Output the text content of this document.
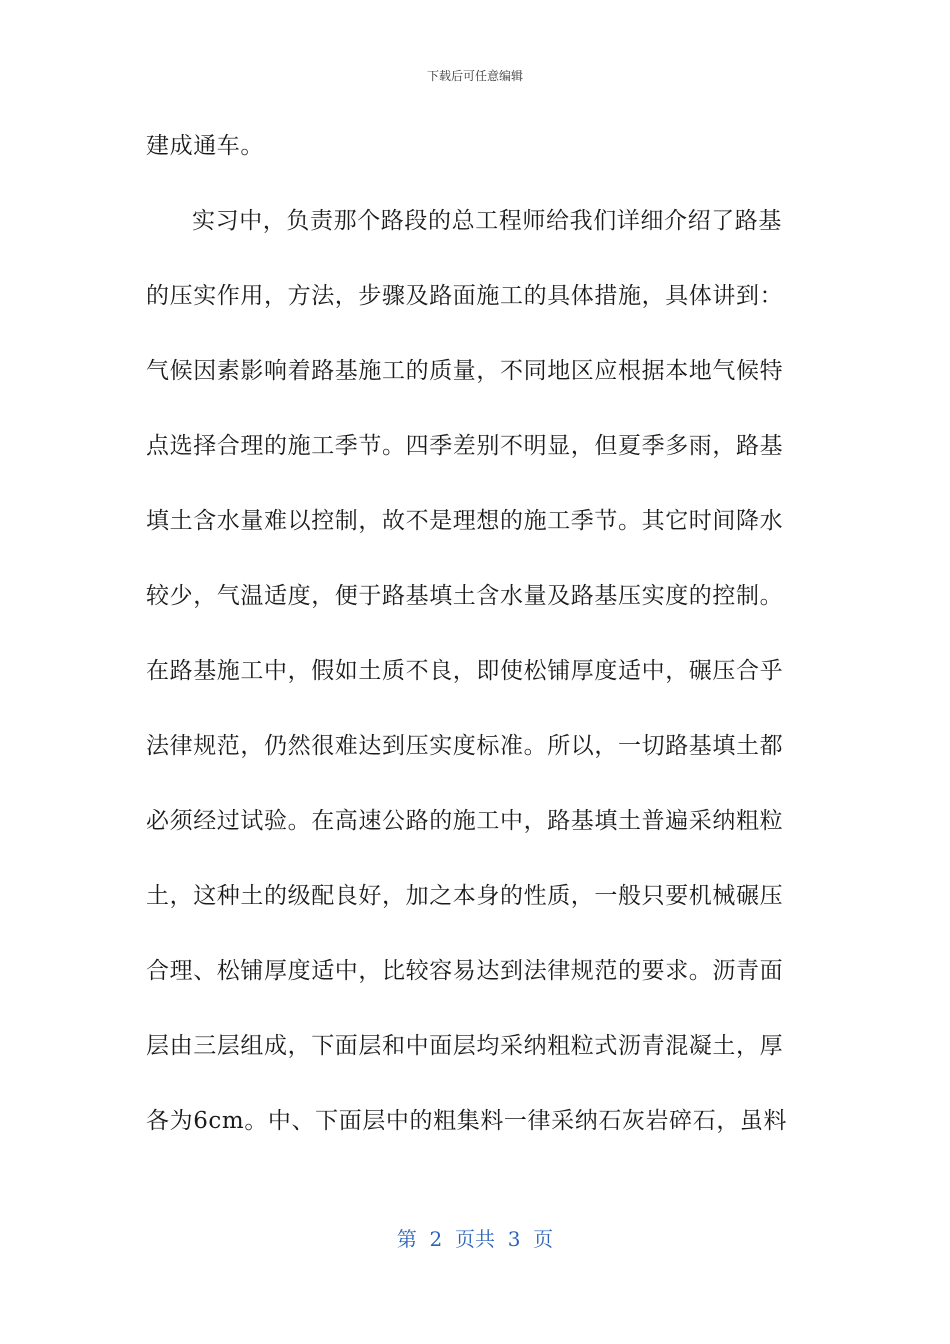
下载后可任意编辑
建成通车。
实习中，负责那个路段的总工程师给我们详细介绍了路基
的压实作用，方法，步骤及路面施工的具体措施，具体讲到：
气候因素影响着路基施工的质量，不同地区应根据本地气候特
点选择合理的施工季节。四季差别不明显，但夏季多雨，路基
填土含水量难以控制，故不是理想的施工季节。其它时间降水
较少，气温适度，便于路基填土含水量及路基压实度的控制。
在路基施工中，假如土质不良，即使松铺厚度适中，碾压合乎
法律规范，仍然很难达到压实度标准。所以，一切路基填土都
必须经过试验。在高速公路的施工中，路基填土普遍采纳粗粒
土，这种土的级配良好，加之本身的性质，一般只要机械碾压
合理、松铺厚度适中，比较容易达到法律规范的要求。沥青面
层由三层组成，下面层和中面层均采纳粗粒式沥青混凝土，厚
各为6cm。中、下面层中的粗集料一律采纳石灰岩碎石，虽料
第  2  页共  3  页
